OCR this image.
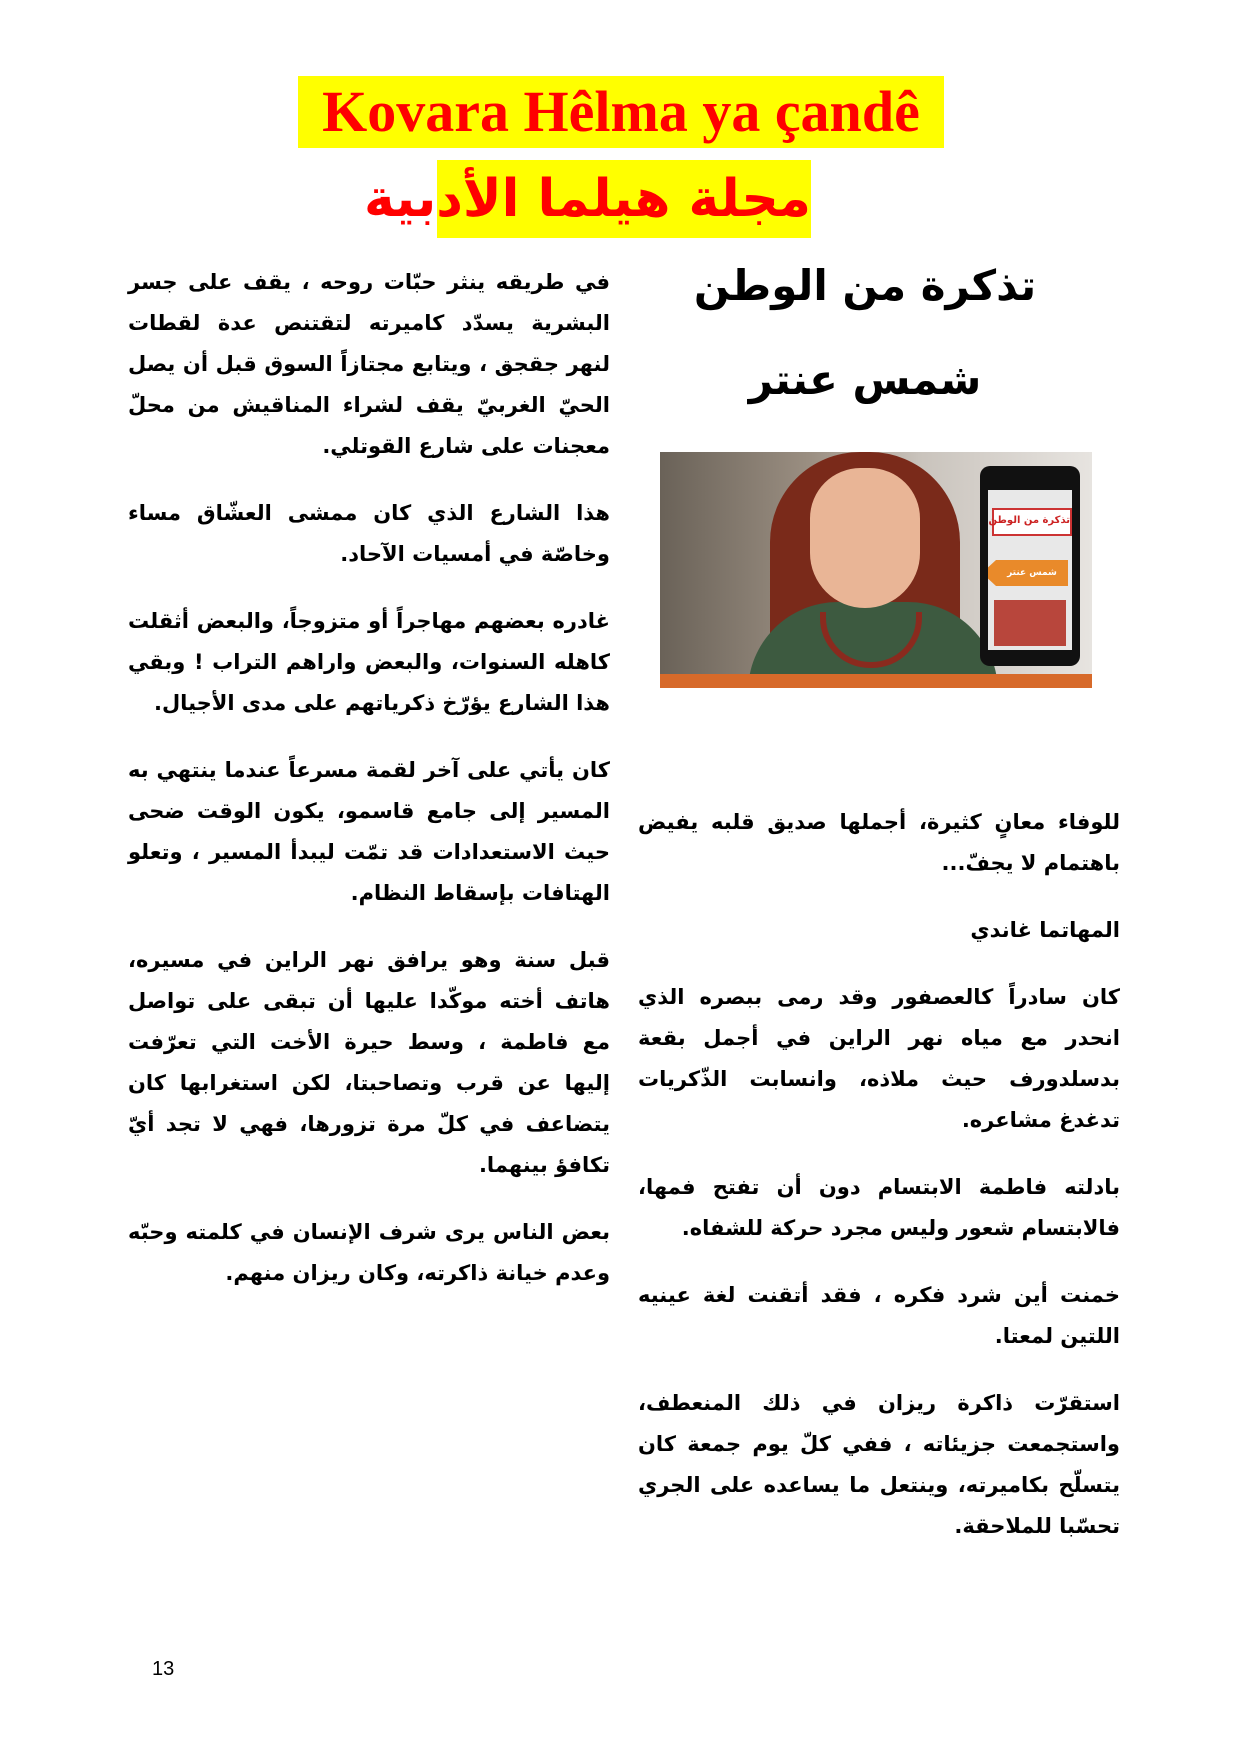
Kovara Hêlma ya çandê
مجلة هيلما الأدبية
تذكرة من الوطن
شمس عنتر
تذكرة من الوطن
شمس عنتر

في طريقه ينثر حبّات روحه ، يقف على جسر البشرية يسدّد كاميرته لتقتنص عدة لقطات لنهر جقجق ، ويتابع مجتازاً السوق قبل أن يصل الحيّ الغربيّ يقف لشراء المناقيش من محلّ معجنات على شارع القوتلي.

هذا الشارع الذي كان ممشى العشّاق مساء وخاصّة في أمسيات الآحاد.

غادره بعضهم مهاجراً أو متزوجاً، والبعض أثقلت كاهله السنوات، والبعض واراهم التراب ! وبقي هذا الشارع يؤرّخ ذكرياتهم على مدى الأجيال.

كان يأتي على آخر لقمة مسرعاً عندما ينتهي به المسير إلى جامع قاسمو، يكون الوقت ضحى حيث الاستعدادات قد تمّت ليبدأ المسير ، وتعلو الهتافات بإسقاط النظام.

قبل سنة وهو يرافق نهر الراين في مسيره، هاتف أخته موكّدا عليها أن تبقى على تواصل مع فاطمة ، وسط حيرة الأخت التي تعرّفت إليها عن قرب وتصاحبتا، لكن استغرابها كان يتضاعف في كلّ مرة تزورها، فهي لا تجد أيّ تكافؤ بينهما.

بعض الناس يرى شرف الإنسان في كلمته وحبّه وعدم خيانة ذاكرته، وكان ريزان منهم.

للوفاء معانٍ كثيرة، أجملها صديق قلبه يفيض باهتمام لا يجفّ...

المهاتما غاندي

كان سادراً كالعصفور وقد رمى ببصره الذي انحدر مع مياه نهر الراين في أجمل بقعة بدسلدورف حيث ملاذه، وانسابت الذّكريات تدغدغ مشاعره.

بادلته فاطمة الابتسام دون أن تفتح فمها، فالابتسام شعور وليس مجرد حركة للشفاه.

خمنت أين شرد فكره ، فقد أتقنت لغة عينيه اللتين لمعتا.

استقرّت ذاكرة ريزان في ذلك المنعطف، واستجمعت جزيئاته ، ففي كلّ يوم جمعة كان يتسلّح بكاميرته، وينتعل ما يساعده على الجري تحسّبا للملاحقة.

13
